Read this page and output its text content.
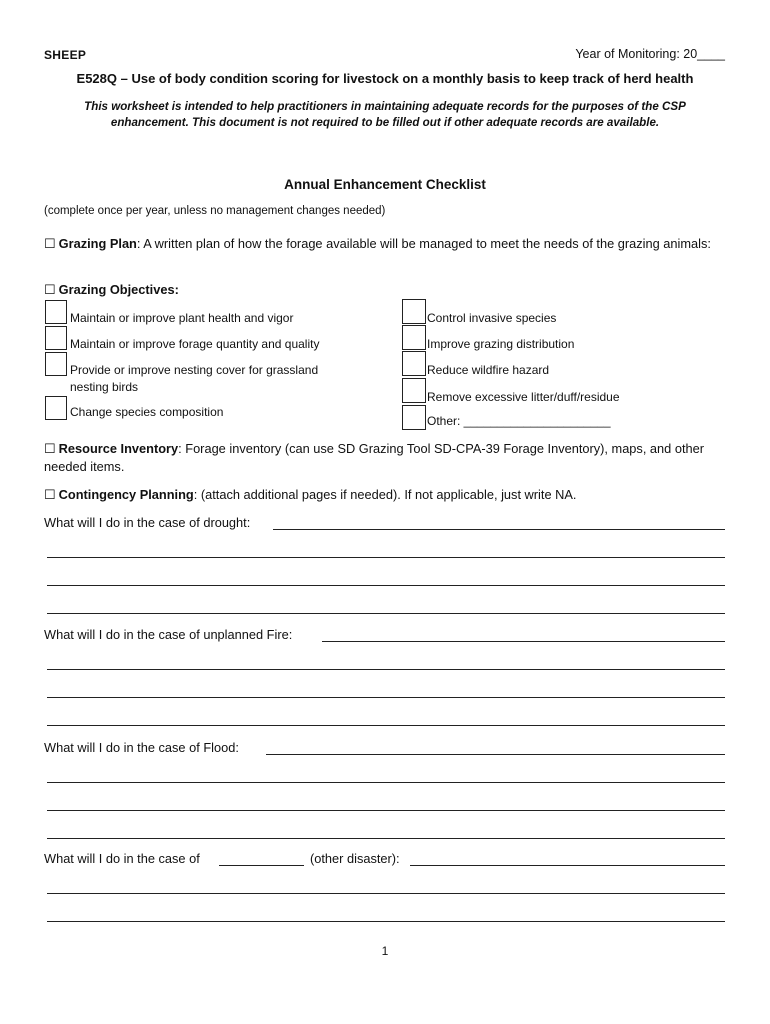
SHEEP	Year of Monitoring: 20____
E528Q – Use of body condition scoring for livestock on a monthly basis to keep track of herd health
This worksheet is intended to help practitioners in maintaining adequate records for the purposes of the CSP enhancement. This document is not required to be filled out if other adequate records are available.
Annual Enhancement Checklist
(complete once per year, unless no management changes needed)
☐ Grazing Plan: A written plan of how the forage available will be managed to meet the needs of the grazing animals:
☐ Grazing Objectives:
Maintain or improve plant health and vigor
Maintain or improve forage quantity and quality
Provide or improve nesting cover for grassland nesting birds
Change species composition
Control invasive species
Improve grazing distribution
Reduce wildfire hazard
Remove excessive litter/duff/residue
Other: ______________________
☐ Resource Inventory: Forage inventory (can use SD Grazing Tool SD-CPA-39 Forage Inventory), maps, and other needed items.
☐ Contingency Planning: (attach additional pages if needed). If not applicable, just write NA.
What will I do in the case of drought:
What will I do in the case of unplanned Fire:
What will I do in the case of Flood:
What will I do in the case of	(other disaster):
1
